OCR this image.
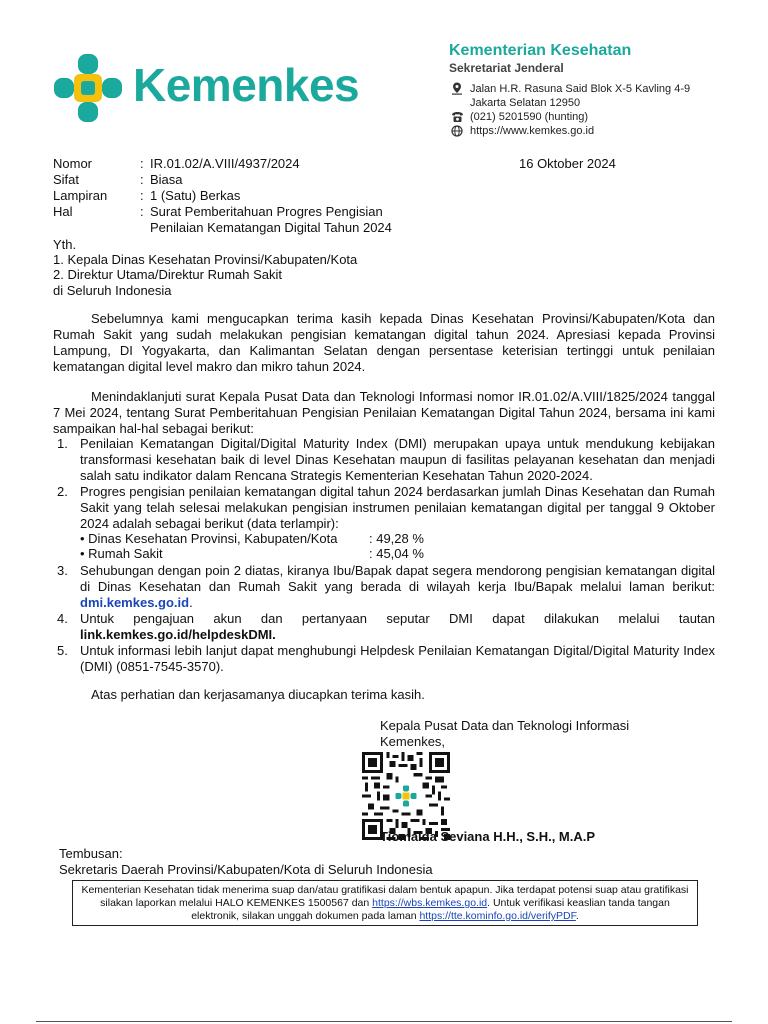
Kemenkes
Kementerian Kesehatan
Sekretariat Jenderal
Jalan H.R. Rasuna Said Blok X-5 Kavling 4-9
Jakarta Selatan 12950
(021) 5201590 (hunting)
https://www.kemkes.go.id
16 Oktober 2024
Nomor	: IR.01.02/A.VIII/4937/2024
Sifat	: Biasa
Lampiran	: 1 (Satu) Berkas
Hal	: Surat Pemberitahuan Progres Pengisian
Penilaian Kematangan Digital Tahun 2024
Yth.
1. Kepala Dinas Kesehatan Provinsi/Kabupaten/Kota
2. Direktur Utama/Direktur Rumah Sakit
di Seluruh Indonesia
Sebelumnya kami mengucapkan terima kasih kepada Dinas Kesehatan Provinsi/Kabupaten/Kota dan Rumah Sakit yang sudah melakukan pengisian kematangan digital tahun 2024. Apresiasi kepada Provinsi Lampung, DI Yogyakarta, dan Kalimantan Selatan dengan persentase keterisian tertinggi untuk penilaian kematangan digital level makro dan mikro tahun 2024.
Menindaklanjuti surat Kepala Pusat Data dan Teknologi Informasi nomor IR.01.02/A.VIII/1825/2024 tanggal 7 Mei 2024, tentang Surat Pemberitahuan Pengisian Penilaian Kematangan Digital Tahun 2024, bersama ini kami sampaikan hal-hal sebagai berikut:
1. Penilaian Kematangan Digital/Digital Maturity Index (DMI) merupakan upaya untuk mendukung kebijakan transformasi kesehatan baik di level Dinas Kesehatan maupun di fasilitas pelayanan kesehatan dan menjadi salah satu indikator dalam Rencana Strategis Kementerian Kesehatan Tahun 2020-2024.
2. Progres pengisian penilaian kematangan digital tahun 2024 berdasarkan jumlah Dinas Kesehatan dan Rumah Sakit yang telah selesai melakukan pengisian instrumen penilaian kematangan digital per tanggal 9 Oktober 2024 adalah sebagai berikut (data terlampir):
• Dinas Kesehatan Provinsi, Kabupaten/Kota : 49,28 %
• Rumah Sakit	: 45,04 %
3. Sehubungan dengan poin 2 diatas, kiranya Ibu/Bapak dapat segera mendorong pengisian kematangan digital di Dinas Kesehatan dan Rumah Sakit yang berada di wilayah kerja Ibu/Bapak melalui laman berikut: dmi.kemkes.go.id.
4. Untuk pengajuan akun dan pertanyaan seputar DMI dapat dilakukan melalui tautan
link.kemkes.go.id/helpdeskDMI.
5. Untuk informasi lebih lanjut dapat menghubungi Helpdesk Penilaian Kematangan Digital/Digital Maturity Index (DMI) (0851-7545-3570).
Atas perhatian dan kerjasamanya diucapkan terima kasih.
Kepala Pusat Data dan Teknologi Informasi
Kemenkes,
Tiomaida Seviana H.H., S.H., M.A.P
Tembusan:
Sekretaris Daerah Provinsi/Kabupaten/Kota di Seluruh Indonesia
Kementerian Kesehatan tidak menerima suap dan/atau gratifikasi dalam bentuk apapun. Jika terdapat potensi suap atau gratifikasi silakan laporkan melalui HALO KEMENKES 1500567 dan https://wbs.kemkes.go.id. Untuk verifikasi keaslian tanda tangan elektronik, silakan unggah dokumen pada laman https://tte.kominfo.go.id/verifyPDF.
